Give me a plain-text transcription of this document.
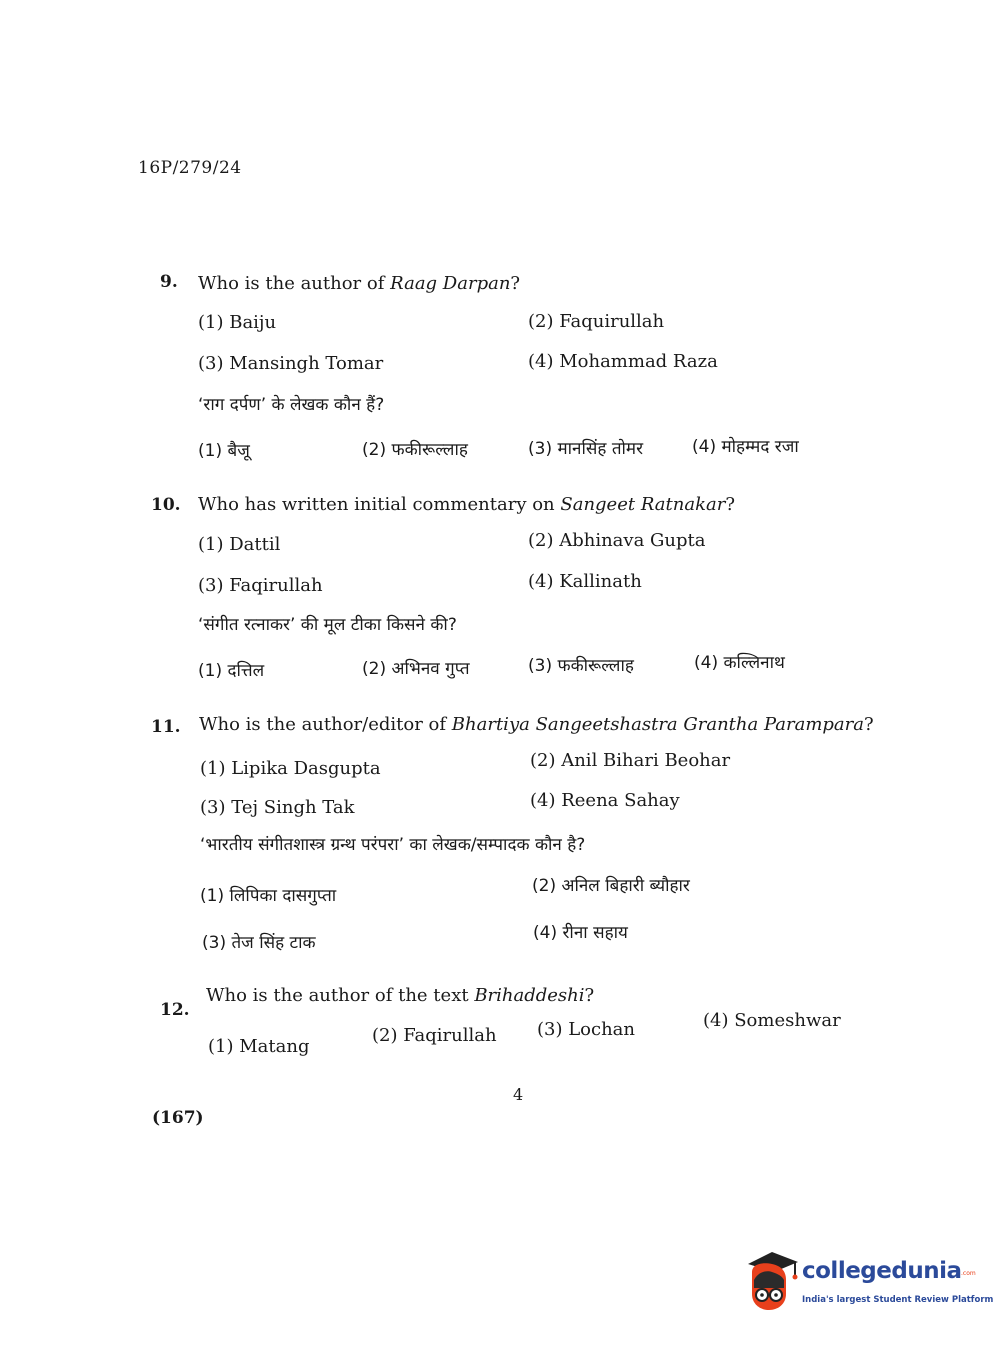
16P/279/24
9. Who is the author of Raag Darpan?
(1) Baiju	(2) Faquirullah
(3) Mansingh Tomar	(4) Mohammad Raza
‘राग दर्पण’ के लेखक कौन हैं?
(1) बैजू	(2) फकीरूल्लाह	(3) मानसिंह तोमर	(4) मोहम्मद रजा
10. Who has written initial commentary on Sangeet Ratnakar?
(1) Dattil	(2) Abhinava Gupta
(3) Faqirullah	(4) Kallinath
‘संगीत रत्नाकर’ की मूल टीका किसने की?
(1) दत्तिल	(2) अभिनव गुप्त	(3) फकीरूल्लाह	(4) कल्लिनाथ
11. Who is the author/editor of Bhartiya Sangeetshastra Grantha Parampara?
(1) Lipika Dasgupta	(2) Anil Bihari Beohar
(3) Tej Singh Tak	(4) Reena Sahay
‘भारतीय संगीतशास्त्र ग्रन्थ परंपरा’ का लेखक/सम्पादक कौन है?
(1) लिपिका दासगुप्ता	(2) अनिल बिहारी ब्यौहार
(3) तेज सिंह टाक	(4) रीना सहाय
12.
Who is the author of the text Brihaddeshi?
(1) Matang
(2) Faqirullah (3) Lochan	(4) Someshwar
4
(167)
collegedunia .com
India's largest Student Review Platform
